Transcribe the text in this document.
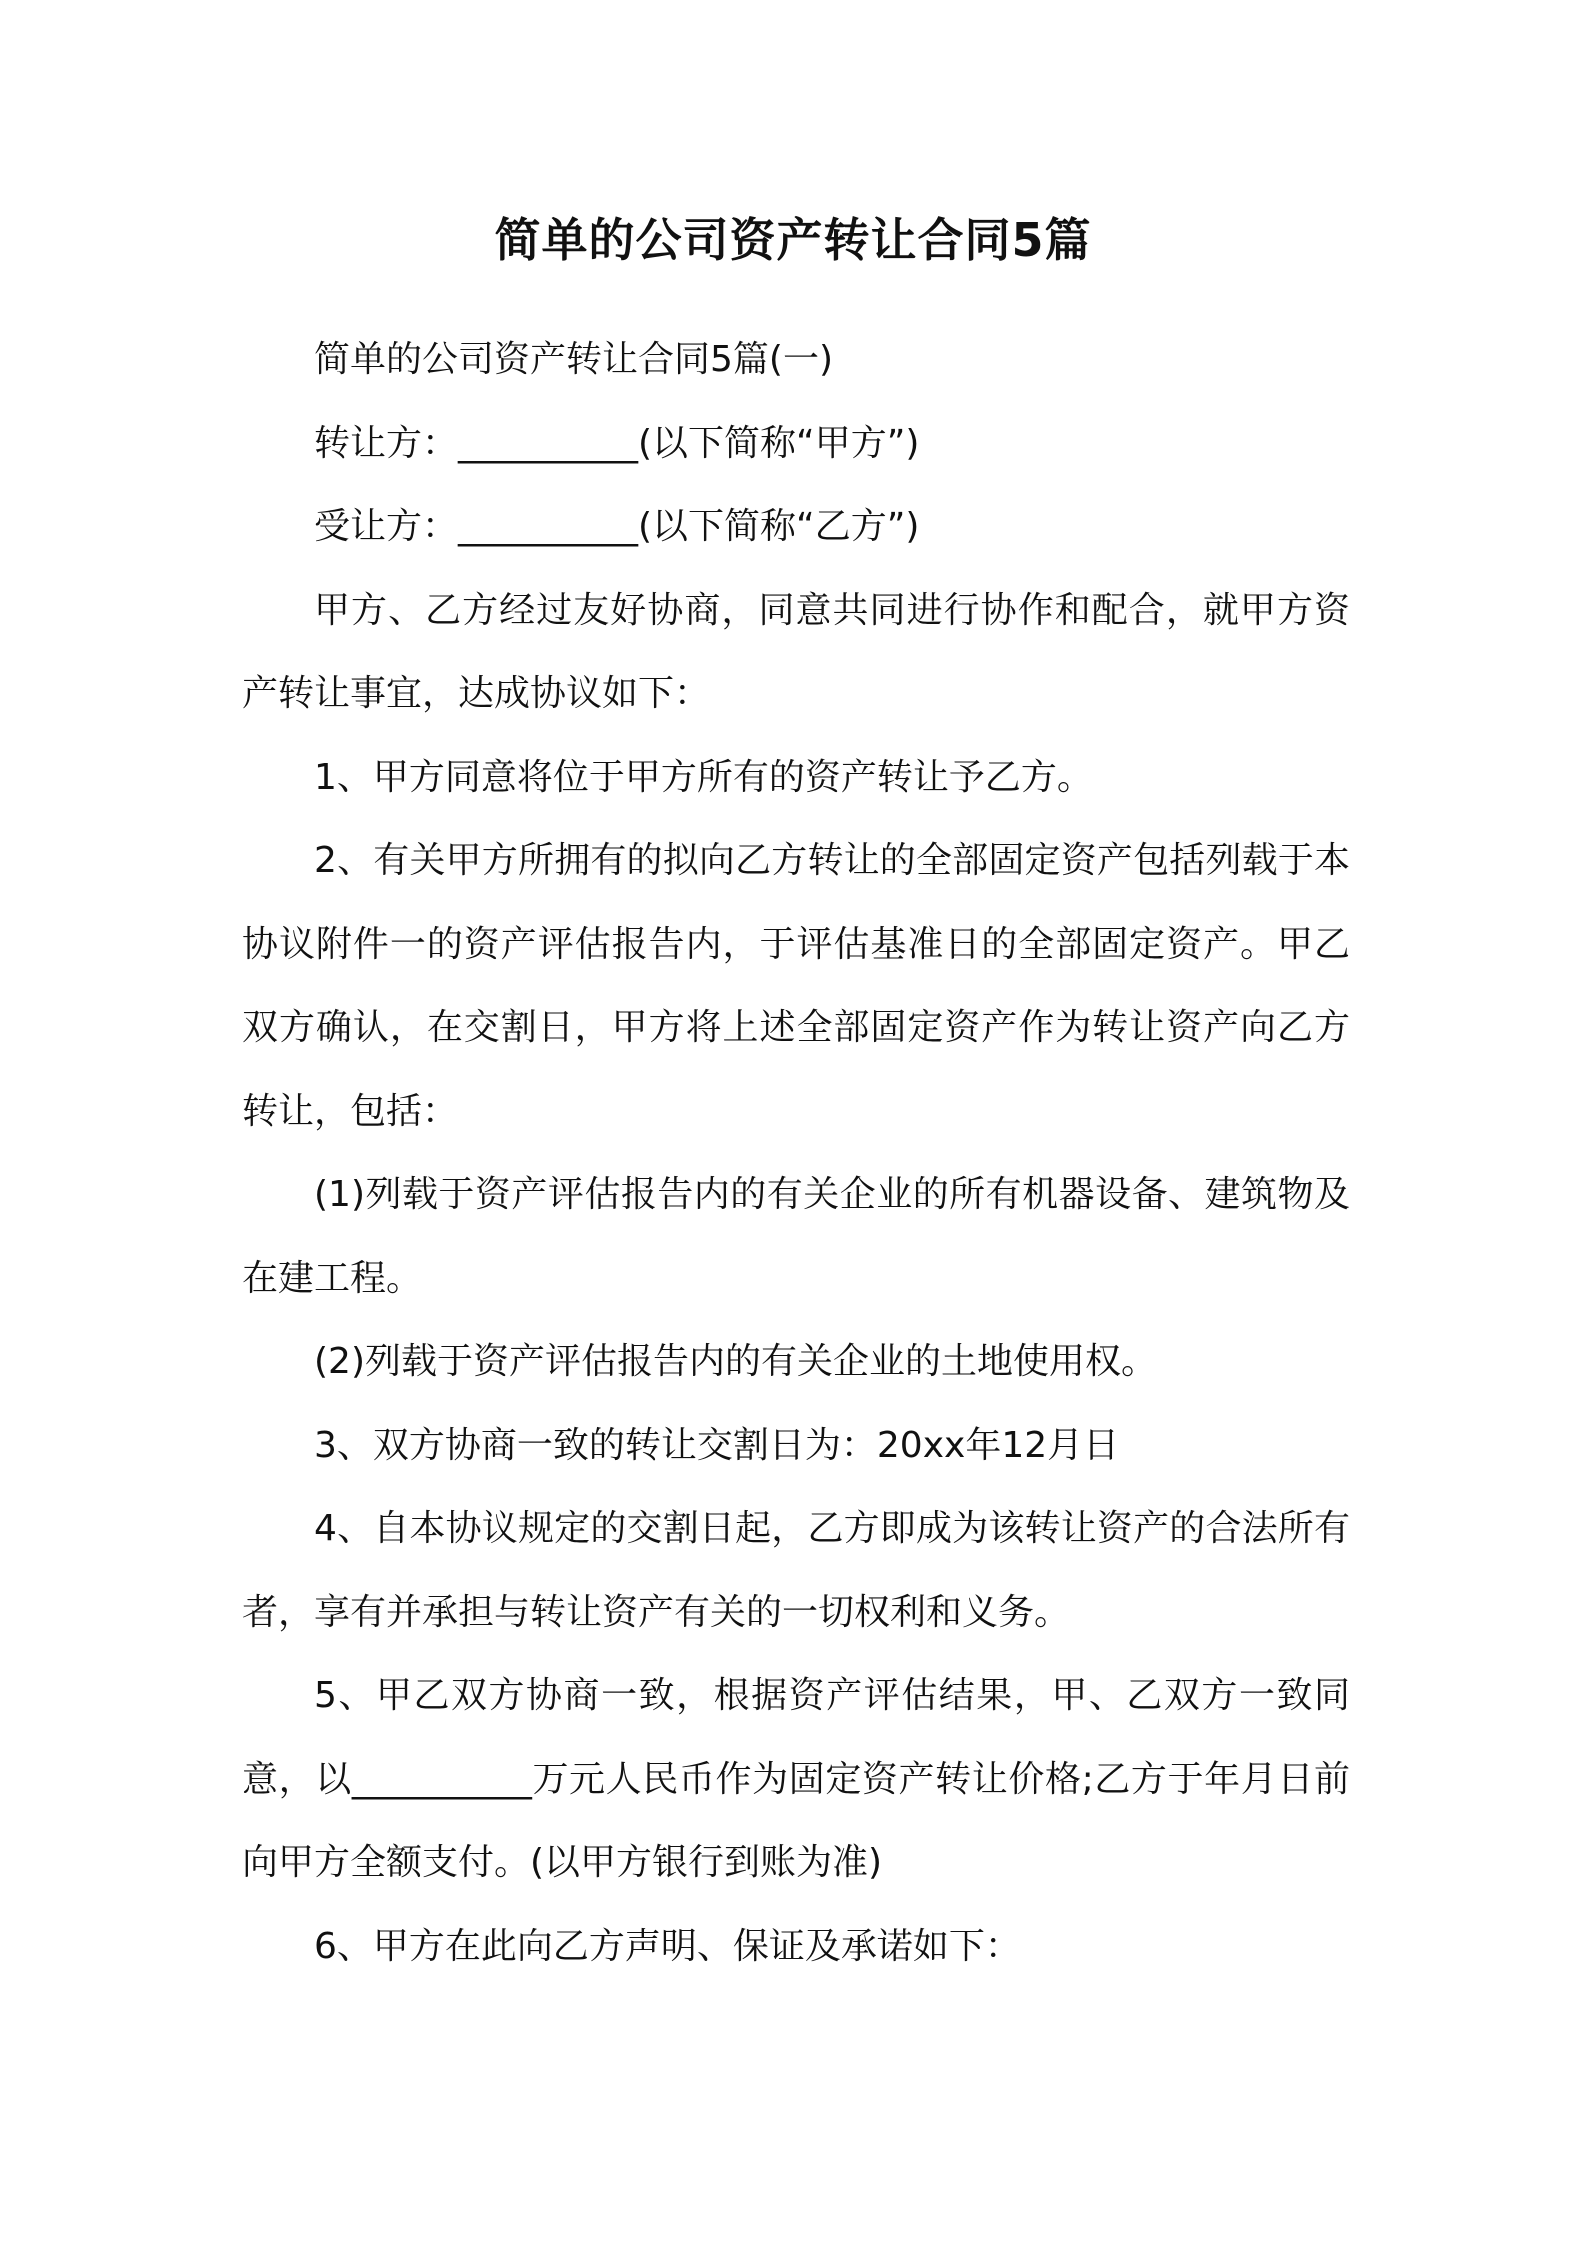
简单的公司资产转让合同5篇

简单的公司资产转让合同5篇(一)

转让方：__________(以下简称“甲方”)

受让方：__________(以下简称“乙方”)

甲方、乙方经过友好协商，同意共同进行协作和配合，就甲方资产转让事宜，达成协议如下：

1、甲方同意将位于甲方所有的资产转让予乙方。

2、有关甲方所拥有的拟向乙方转让的全部固定资产包括列载于本协议附件一的资产评估报告内，于评估基准日的全部固定资产。甲乙双方确认，在交割日，甲方将上述全部固定资产作为转让资产向乙方转让，包括：

(1)列载于资产评估报告内的有关企业的所有机器设备、建筑物及在建工程。

(2)列载于资产评估报告内的有关企业的土地使用权。

3、双方协商一致的转让交割日为：20xx年12月日

4、自本协议规定的交割日起，乙方即成为该转让资产的合法所有者，享有并承担与转让资产有关的一切权利和义务。

5、甲乙双方协商一致，根据资产评估结果，甲、乙双方一致同意，以__________万元人民币作为固定资产转让价格;乙方于年月日前向甲方全额支付。(以甲方银行到账为准)

6、甲方在此向乙方声明、保证及承诺如下：
